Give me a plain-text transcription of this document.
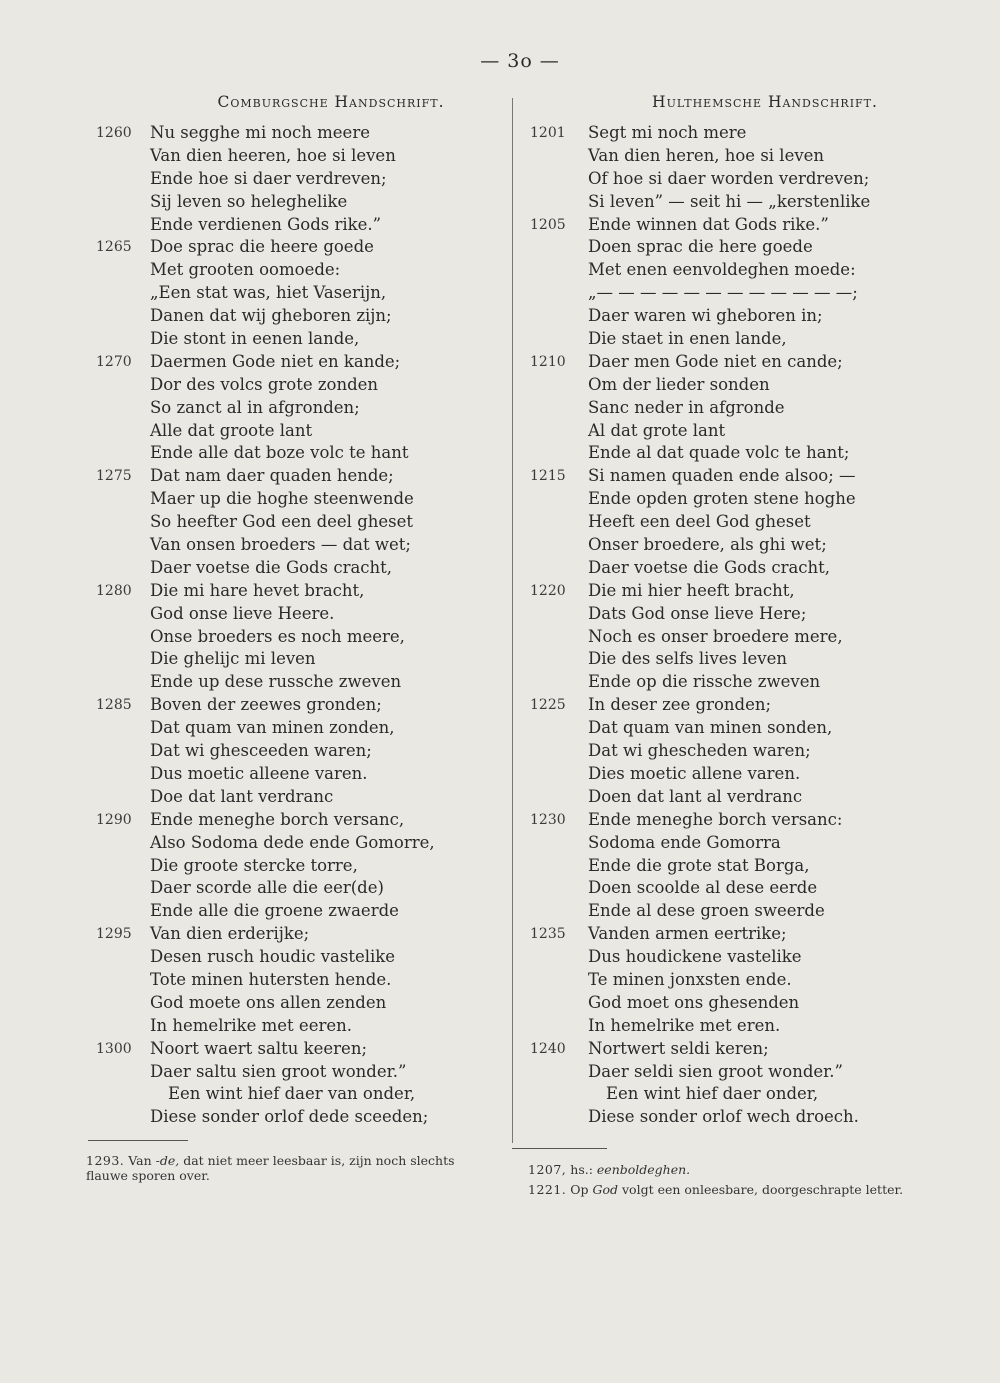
— 3o —
Comburgsche Handschrift.
1260	Nu segghe mi noch meere
Van dien heeren, hoe si leven
Ende hoe si daer verdreven;
Sij leven so heleghelike
Ende verdienen Gods rike.”
1265	Doe sprac die heere goede
Met grooten oomoede:
„Een stat was, hiet Vaserijn,
Danen dat wij gheboren zijn;
Die stont in eenen lande,
1270	Daermen Gode niet en kande;
Dor des volcs grote zonden
So zanct al in afgronden;
Alle dat groote lant
Ende alle dat boze volc te hant
1275	Dat nam daer quaden hende;
Maer up die hoghe steenwende
So heefter God een deel gheset
Van onsen broeders — dat wet;
Daer voetse die Gods cracht,
1280	Die mi hare hevet bracht,
God onse lieve Heere.
Onse broeders es noch meere,
Die ghelijc mi leven
Ende up dese russche zweven
1285	Boven der zeewes gronden;
Dat quam van minen zonden,
Dat wi ghesceeden waren;
Dus moetic alleene varen.
Doe dat lant verdranc
1290	Ende meneghe borch versanc,
Also Sodoma dede ende Gomorre,
Die groote stercke torre,
Daer scorde alle die eer(de)
Ende alle die groene zwaerde
1295	Van dien erderijke;
Desen rusch houdic vastelike
Tote minen hutersten hende.
God moete ons allen zenden
In hemelrike met eeren.
1300	Noort waert saltu keeren;
Daer saltu sien groot wonder.”
Een wint hief daer van onder,
Diese sonder orlof dede sceeden;
Hulthemsche Handschrift.
1201	Segt mi noch mere
Van dien heren, hoe si leven
Of hoe si daer worden verdreven;
Si leven” — seit hi — „kerstenlike
1205	Ende winnen dat Gods rike.”
Doen sprac die here goede
Met enen eenvoldeghen moede:
„— — — — — — — — — — — —;
Daer waren wi gheboren in;
Die staet in enen lande,
1210	Daer men Gode niet en cande;
Om der lieder sonden
Sanc neder in afgronde
Al dat grote lant
Ende al dat quade volc te hant;
1215	Si namen quaden ende alsoo; —
Ende opden groten stene hoghe
Heeft een deel God gheset
Onser broedere, als ghi wet;
Daer voetse die Gods cracht,
1220	Die mi hier heeft bracht,
Dats God onse lieve Here;
Noch es onser broedere mere,
Die des selfs lives leven
Ende op die rissche zweven
1225	In deser zee gronden;
Dat quam van minen sonden,
Dat wi ghescheden waren;
Dies moetic allene varen.
Doen dat lant al verdranc
1230	Ende meneghe borch versanc:
Sodoma ende Gomorra
Ende die grote stat Borga,
Doen scoolde al dese eerde
Ende al dese groen sweerde
1235	Vanden armen eertrike;
Dus houdickene vastelike
Te minen jonxsten ende.
God moet ons ghesenden
In hemelrike met eren.
1240	Nortwert seldi keren;
Daer seldi sien groot wonder.”
Een wint hief daer onder,
Diese sonder orlof wech droech.

1293. Van -de, dat niet meer leesbaar is, zijn noch slechts flauwe sporen over.	1207, hs.: eenboldeghen.

1221. Op God volgt een onleesbare, doorgeschrapte letter.
